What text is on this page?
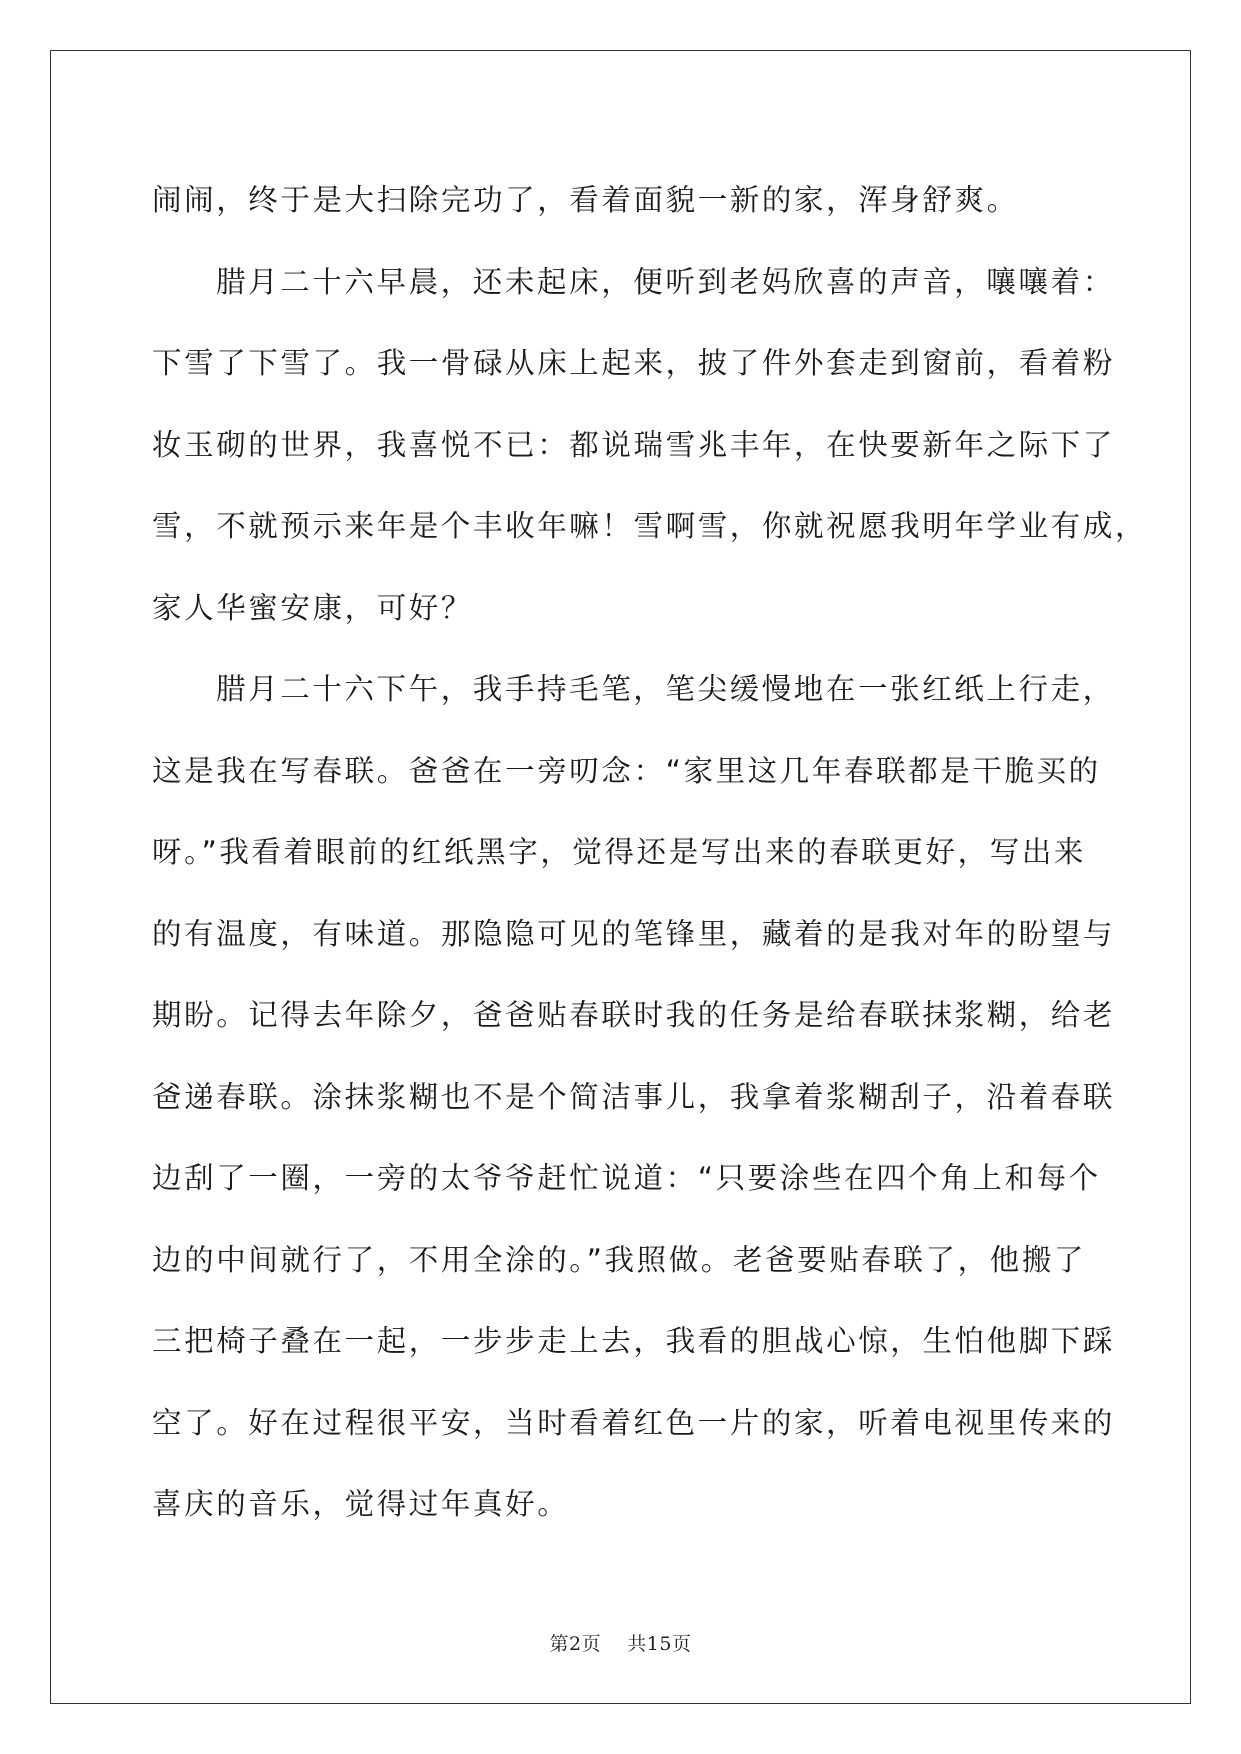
闹闹，终于是大扫除完功了，看着面貌一新的家，浑身舒爽。
腊月二十六早晨，还未起床，便听到老妈欣喜的声音，嚷嚷着：
下雪了下雪了。我一骨碌从床上起来，披了件外套走到窗前，看着粉
妆玉砌的世界，我喜悦不已：都说瑞雪兆丰年，在快要新年之际下了
雪，不就预示来年是个丰收年嘛！雪啊雪，你就祝愿我明年学业有成，
家人华蜜安康，可好？
腊月二十六下午，我手持毛笔，笔尖缓慢地在一张红纸上行走，
这是我在写春联。爸爸在一旁叨念：“家里这几年春联都是干脆买的
呀。”我看着眼前的红纸黑字，觉得还是写出来的春联更好，写出来
的有温度，有味道。那隐隐可见的笔锋里，藏着的是我对年的盼望与
期盼。记得去年除夕，爸爸贴春联时我的任务是给春联抹浆糊，给老
爸递春联。涂抹浆糊也不是个简洁事儿，我拿着浆糊刮子，沿着春联
边刮了一圈，一旁的太爷爷赶忙说道：“只要涂些在四个角上和每个
边的中间就行了，不用全涂的。”我照做。老爸要贴春联了，他搬了
三把椅子叠在一起，一步步走上去，我看的胆战心惊，生怕他脚下踩
空了。好在过程很平安，当时看着红色一片的家，听着电视里传来的
喜庆的音乐，觉得过年真好。
第2页 共15页
